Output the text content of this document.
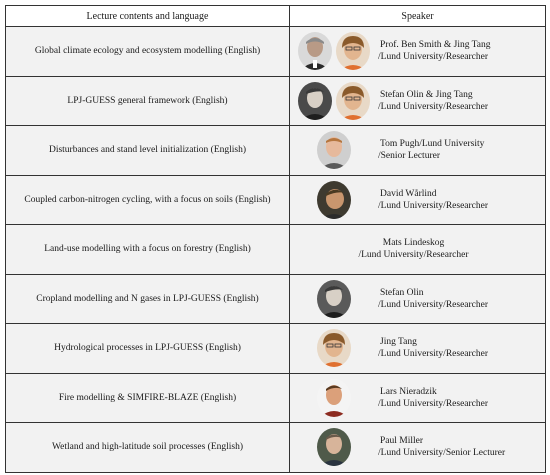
Lecture contents and language	Speaker
Global climate ecology and ecosystem modelling (English)	Prof. Ben Smith & Jing Tang
/Lund University/Researcher

LPJ-GUESS general framework (English)	Stefan Olin & Jing Tang
/Lund University/Researcher

Disturbances and stand level initialization (English)	Tom Pugh/Lund University
/Senior Lecturer

Coupled carbon-nitrogen cycling, with a focus on soils (English)	David Wårlind
/Lund University/Researcher

Land-use modelling with a focus on forestry (English)	Mats Lindeskog
/Lund University/Researcher

Cropland modelling and N gases in LPJ-GUESS (English)	Stefan Olin
/Lund University/Researcher

Hydrological processes in LPJ-GUESS (English)	Jing Tang
/Lund University/Researcher

Fire modelling & SIMFIRE-BLAZE (English)	Lars Nieradzik
/Lund University/Researcher

Wetland and high-latitude soil processes (English)	Paul Miller
/Lund University/Senior Lecturer
